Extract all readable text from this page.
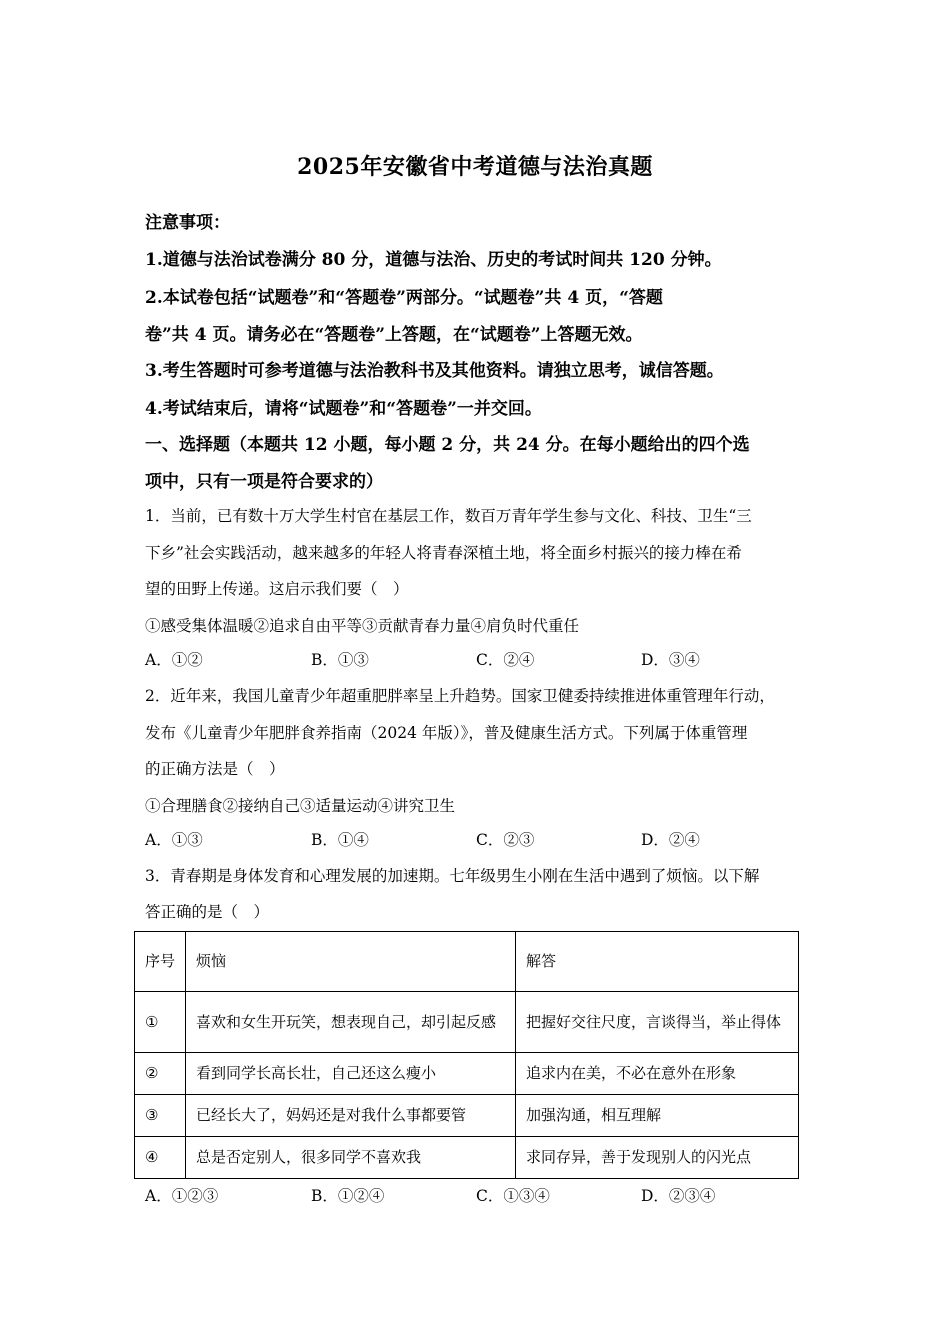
2025年安徽省中考道德与法治真题
注意事项：
1.道德与法治试卷满分 80 分，道德与法治、历史的考试时间共 120 分钟。
2.本试卷包括“试题卷”和“答题卷”两部分。“试题卷”共 4 页，“答题
卷”共 4 页。请务必在“答题卷”上答题，在“试题卷”上答题无效。
3.考生答题时可参考道德与法治教科书及其他资料。请独立思考，诚信答题。
4.考试结束后，请将“试题卷”和“答题卷”一并交回。
一、选择题（本题共 12 小题，每小题 2 分，共 24 分。在每小题给出的四个选
项中，只有一项是符合要求的）
1．当前，已有数十万大学生村官在基层工作，数百万青年学生参与文化、科技、卫生“三
下乡”社会实践活动，越来越多的年轻人将青春深植土地，将全面乡村振兴的接力棒在希
望的田野上传递。这启示我们要（　）
①感受集体温暖②追求自由平等③贡献青春力量④肩负时代重任
A．①②	B．①③	C．②④	D．③④
2．近年来，我国儿童青少年超重肥胖率呈上升趋势。国家卫健委持续推进体重管理年行动，
发布《儿童青少年肥胖食养指南（2024 年版）》，普及健康生活方式。下列属于体重管理
的正确方法是（　）
①合理膳食②接纳自己③适量运动④讲究卫生
A．①③	B．①④	C．②③	D．②④
3．青春期是身体发育和心理发展的加速期。七年级男生小刚在生活中遇到了烦恼。以下解
答正确的是（　）
序号	烦恼	解答
①	喜欢和女生开玩笑，想表现自己，却引起反感	把握好交往尺度，言谈得当，举止得体
②	看到同学长高长壮，自己还这么瘦小	追求内在美，不必在意外在形象
③	已经长大了，妈妈还是对我什么事都要管	加强沟通，相互理解
④	总是否定别人，很多同学不喜欢我	求同存异，善于发现别人的闪光点
A．①②③	B．①②④	C．①③④	D．②③④
